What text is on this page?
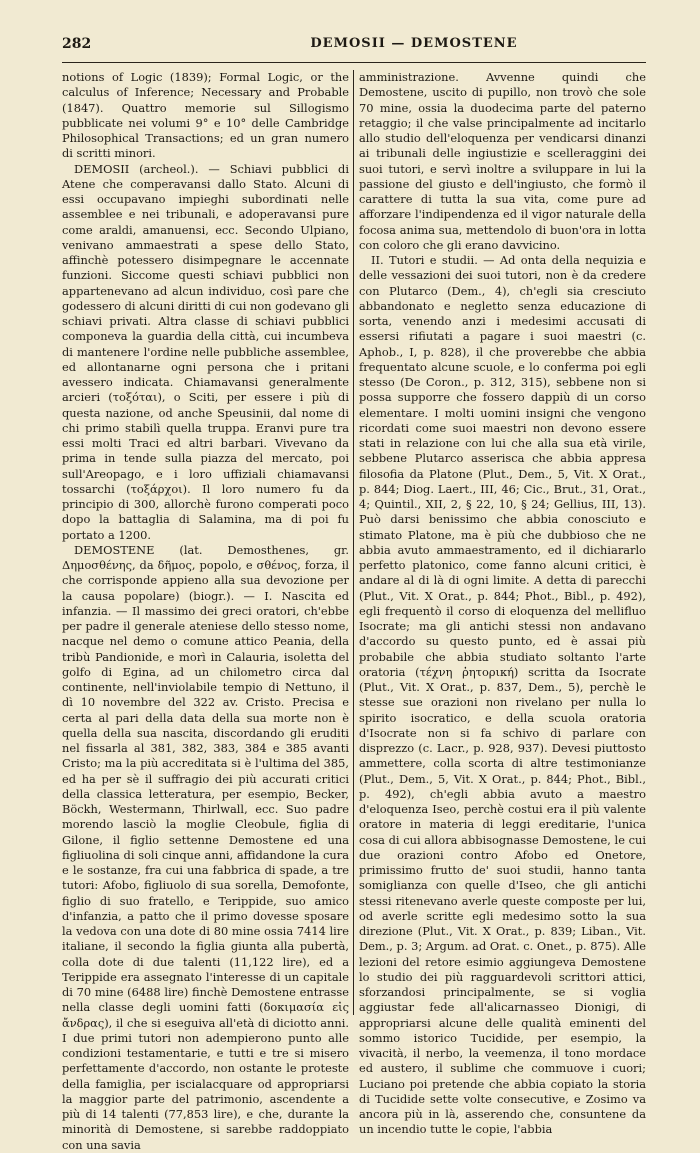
282	DEMOSII — DEMOSTENE

notions of Logic (1839); Formal Logic, or the calculus of Inference; Necessary and Probable (1847). Quattro memorie sul Sillogismo pubblicate nei volumi 9° e 10° delle Cambridge Philosophical Transactions; ed un gran numero di scritti minori.

DEMOSII (archeol.). — Schiavi pubblici di Atene che comperavansi dallo Stato. Alcuni di essi occupavano impieghi subordinati nelle assemblee e nei tribunali, e adoperavansi pure come araldi, amanuensi, ecc. Secondo Ulpiano, venivano ammaestrati a spese dello Stato, affinchè potessero disimpegnare le accennate funzioni. Siccome questi schiavi pubblici non appartenevano ad alcun individuo, così pare che godessero di alcuni diritti di cui non godevano gli schiavi privati. Altra classe di schiavi pubblici componeva la guardia della città, cui incumbeva di mantenere l'ordine nelle pubbliche assemblee, ed allontanarne ogni persona che i pritani avessero indicata. Chiamavansi generalmente arcieri (τοξόται), o Sciti, per essere i più di questa nazione, od anche Speusinii, dal nome di chi primo stabilì quella truppa. Eranvi pure tra essi molti Traci ed altri barbari. Vivevano da prima in tende sulla piazza del mercato, poi sull'Areopago, e i loro uffiziali chiamavansi tossarchi (τοξάρχοι). Il loro numero fu da principio di 300, allorchè furono comperati poco dopo la battaglia di Salamina, ma di poi fu portato a 1200.

DEMOSTENE (lat. Demosthenes, gr. Δημοσθένης, da δῆμος, popolo, e σθένος, forza, il che corrisponde appieno alla sua devozione per la causa popolare) (biogr.). — I. Nascita ed infanzia. — Il massimo dei greci oratori, ch'ebbe per padre il generale ateniese dello stesso nome, nacque nel demo o comune attico Peania, della tribù Pandionide, e morì in Calauria, isoletta del golfo di Egina, ad un chilometro circa dal continente, nell'inviolabile tempio di Nettuno, il dì 10 novembre del 322 av. Cristo. Precisa e certa al pari della data della sua morte non è quella della sua nascita, discordando gli eruditi nel fissarla al 381, 382, 383, 384 e 385 avanti Cristo; ma la più accreditata si è l'ultima del 385, ed ha per sè il suffragio dei più accurati critici della classica letteratura, per esempio, Becker, Böckh, Westermann, Thirlwall, ecc. Suo padre morendo lasciò la moglie Cleobule, figlia di Gilone, il figlio settenne Demostene ed una figliuolina di soli cinque anni, affidandone la cura e le sostanze, fra cui una fabbrica di spade, a tre tutori: Afobo, figliuolo di sua sorella, Demofonte, figlio di suo fratello, e Terippide, suo amico d'infanzia, a patto che il primo dovesse sposare la vedova con una dote di 80 mine ossia 7414 lire italiane, il secondo la figlia giunta alla pubertà, colla dote di due talenti (11,122 lire), ed a Terippide era assegnato l'interesse di un capitale di 70 mine (6488 lire) finchè Demostene entrasse nella classe degli uomini fatti (δοκιμασία εἰς ἄνδρας), il che si eseguiva all'età di diciotto anni. I due primi tutori non adempierono punto alle condizioni testamentarie, e tutti e tre si misero perfettamente d'accordo, non ostante le proteste della famiglia, per iscialacquare od appropriarsi la maggior parte del patrimonio, ascendente a più di 14 talenti (77,853 lire), e che, durante la minorità di Demostene, si sarebbe raddoppiato con una savia

amministrazione. Avvenne quindi che Demostene, uscito di pupillo, non trovò che sole 70 mine, ossia la duodecima parte del paterno retaggio; il che valse principalmente ad incitarlo allo studio dell'eloquenza per vendicarsi dinanzi ai tribunali delle ingiustizie e scelleraggini dei suoi tutori, e servì inoltre a sviluppare in lui la passione del giusto e dell'ingiusto, che formò il carattere di tutta la sua vita, come pure ad afforzare l'indipendenza ed il vigor naturale della focosa anima sua, mettendolo di buon'ora in lotta con coloro che gli erano davvicino.

II. Tutori e studii. — Ad onta della nequizia e delle vessazioni dei suoi tutori, non è da credere con Plutarco (Dem., 4), ch'egli sia cresciuto abbandonato e negletto senza educazione di sorta, venendo anzi i medesimi accusati di essersi rifiutati a pagare i suoi maestri (c. Aphob., I, p. 828), il che proverebbe che abbia frequentato alcune scuole, e lo conferma poi egli stesso (De Coron., p. 312, 315), sebbene non si possa supporre che fossero dappiù di un corso elementare. I molti uomini insigni che vengono ricordati come suoi maestri non devono essere stati in relazione con lui che alla sua età virile, sebbene Plutarco asserisca che abbia appresa filosofia da Platone (Plut., Dem., 5, Vit. X Orat., p. 844; Diog. Laert., III, 46; Cic., Brut., 31, Orat., 4; Quintil., XII, 2, § 22, 10, § 24; Gellius, III, 13). Può darsi benissimo che abbia conosciuto e stimato Platone, ma è più che dubbioso che ne abbia avuto ammaestramento, ed il dichiararlo perfetto platonico, come fanno alcuni critici, è andare al di là di ogni limite. A detta di parecchi (Plut., Vit. X Orat., p. 844; Phot., Bibl., p. 492), egli frequentò il corso di eloquenza del mellifluo Isocrate; ma gli antichi stessi non andavano d'accordo su questo punto, ed è assai più probabile che abbia studiato soltanto l'arte oratoria (τέχνη ῥητορική) scritta da Isocrate (Plut., Vit. X Orat., p. 837, Dem., 5), perchè le stesse sue orazioni non rivelano per nulla lo spirito isocratico, e della scuola oratoria d'Isocrate non si fa schivo di parlare con disprezzo (c. Lacr., p. 928, 937). Devesi piuttosto ammettere, colla scorta di altre testimonianze (Plut., Dem., 5, Vit. X Orat., p. 844; Phot., Bibl., p. 492), ch'egli abbia avuto a maestro d'eloquenza Iseo, perchè costui era il più valente oratore in materia di leggi ereditarie, l'unica cosa di cui allora abbisognasse Demostene, le cui due orazioni contro Afobo ed Onetore, primissimo frutto de' suoi studii, hanno tanta somiglianza con quelle d'Iseo, che gli antichi stessi ritenevano averle queste composte per lui, od averle scritte egli medesimo sotto la sua direzione (Plut., Vit. X Orat., p. 839; Liban., Vit. Dem., p. 3; Argum. ad Orat. c. Onet., p. 875). Alle lezioni del retore esimio aggiungeva Demostene lo studio dei più ragguardevoli scrittori attici, sforzandosi principalmente, se si voglia aggiustar fede all'alicarnasseo Dionigi, di appropriarsi alcune delle qualità eminenti del sommo istorico Tucidide, per esempio, la vivacità, il nerbo, la veemenza, il tono mordace ed austero, il sublime che commuove i cuori; Luciano poi pretende che abbia copiato la storia di Tucidide sette volte consecutive, e Zosimo va ancora più in là, asserendo che, consuntene da un incendio tutte le copie, l'abbia
